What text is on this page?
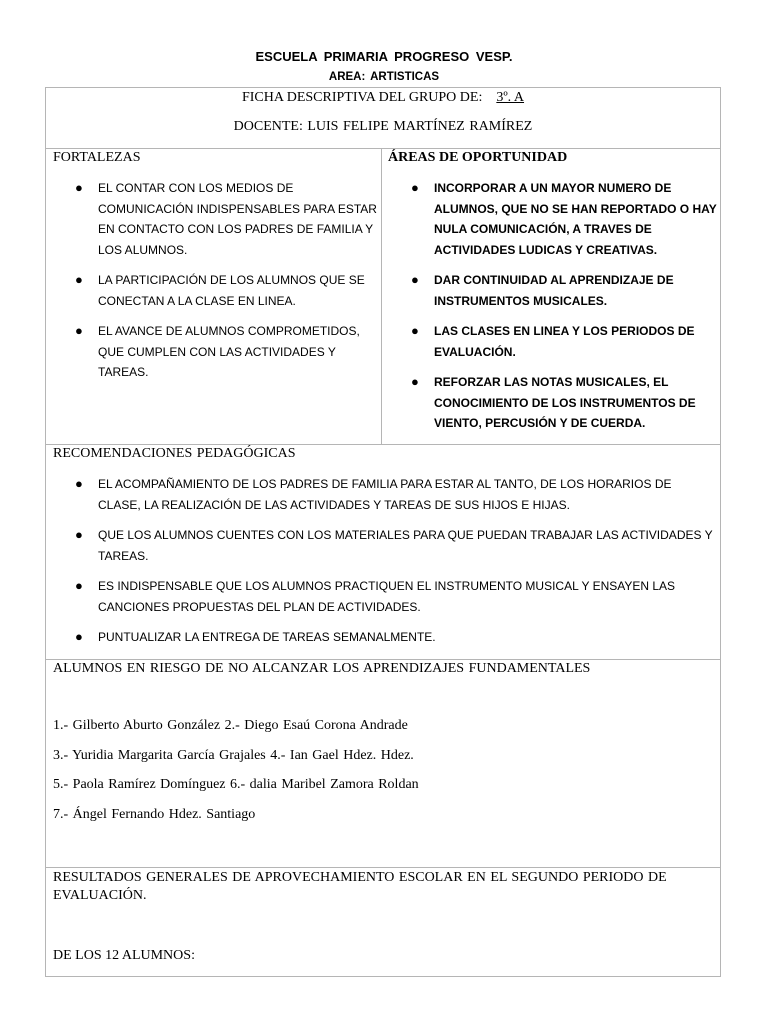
ESCUELA PRIMARIA PROGRESO VESP.
AREA: ARTISTICAS
FICHA DESCRIPTIVA DEL GRUPO DE: 3º. A
DOCENTE: LUIS FELIPE MARTÍNEZ RAMÍREZ
FORTALEZAS
● EL CONTAR CON LOS MEDIOS DE COMUNICACIÓN INDISPENSABLES PARA ESTAR EN CONTACTO CON LOS PADRES DE FAMILIA Y LOS ALUMNOS.
● LA PARTICIPACIÓN DE LOS ALUMNOS QUE SE CONECTAN A LA CLASE EN LINEA.
● EL AVANCE DE ALUMNOS COMPROMETIDOS, QUE CUMPLEN CON LAS ACTIVIDADES Y TAREAS.
ÁREAS DE OPORTUNIDAD
● INCORPORAR A UN MAYOR NUMERO DE ALUMNOS, QUE NO SE HAN REPORTADO O HAY NULA COMUNICACIÓN, A TRAVES DE ACTIVIDADES LUDICAS Y CREATIVAS.
● DAR CONTINUIDAD AL APRENDIZAJE DE INSTRUMENTOS MUSICALES.
● LAS CLASES EN LINEA Y LOS PERIODOS DE EVALUACIÓN.
● REFORZAR LAS NOTAS MUSICALES, EL CONOCIMIENTO DE LOS INSTRUMENTOS DE VIENTO, PERCUSIÓN Y DE CUERDA.
RECOMENDACIONES PEDAGÓGICAS
● EL ACOMPAÑAMIENTO DE LOS PADRES DE FAMILIA PARA ESTAR AL TANTO, DE LOS HORARIOS DE CLASE, LA REALIZACIÓN DE LAS ACTIVIDADES Y TAREAS DE SUS HIJOS E HIJAS.
● QUE LOS ALUMNOS CUENTES CON LOS MATERIALES PARA QUE PUEDAN TRABAJAR LAS ACTIVIDADES Y TAREAS.
● ES INDISPENSABLE QUE LOS ALUMNOS PRACTIQUEN EL INSTRUMENTO MUSICAL Y ENSAYEN LAS CANCIONES PROPUESTAS DEL PLAN DE ACTIVIDADES.
● PUNTUALIZAR LA ENTREGA DE TAREAS SEMANALMENTE.
ALUMNOS EN RIESGO DE NO ALCANZAR LOS APRENDIZAJES FUNDAMENTALES
1.- Gilberto Aburto González 2.- Diego Esaú Corona Andrade
3.- Yuridia Margarita García Grajales 4.- Ian Gael Hdez. Hdez.
5.- Paola Ramírez Domínguez 6.- dalia Maribel Zamora Roldan
7.- Ángel Fernando Hdez. Santiago
RESULTADOS GENERALES DE APROVECHAMIENTO ESCOLAR EN EL SEGUNDO PERIODO DE EVALUACIÓN.
DE LOS 12 ALUMNOS:
